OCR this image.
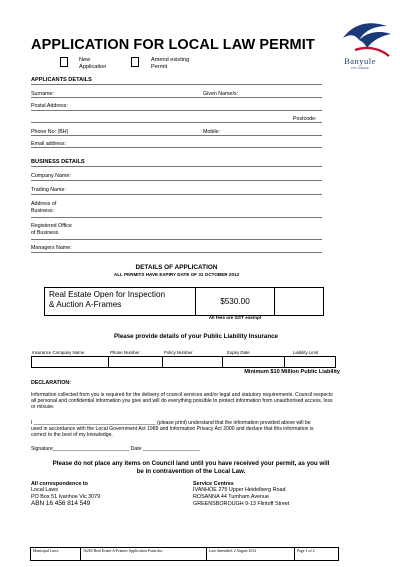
APPLICATION FOR LOCAL LAW PERMIT
Banyule
CITY COUNCIL
New
Application
Amend existing
Permit
APPLICANTS DETAILS
Surname:	Given Name/s:
Postal Address:
Postcode:
Phone No: (BH)	Mobile:
Email address:
BUSINESS DETAILS
Company Name:
Trading Name:
Address of
Business:
Registered Office
of Business
Managers Name:
DETAILS OF APPLICATION
ALL PERMITS HAVE EXPIRY DATE OF 31 OCTOBER 2012
Real Estate Open for Inspection
& Auction A-Frames	$530.00
All fees are GST exempt
Please provide details of your Public Liability Insurance
Insurance Company Name	Phone Number	Policy Number	Expiry Date	Liability Limit
Minimum $10 Million Public Liability
DECLARATION:
Information collected from you is required for the delivery of council services and/or legal and statutory requirements. Council respects all personal and confidential information you give and will do everything possible to protect information from unauthorised access, loss or misuse.
I ___________________________________________ (please print) understand that the information provided above will be
used in accordance with the Local Government Act 1989 and Information Privacy Act 2000 and declare that this information is
correct to the best of my knowledge.
Signature___________________________ Date ____________________
Please do not place any items on Council land until you have received your permit, as you will
be in contravention of the Local Law.
All correspondence to
Local Laws
PO Box 51 Ivanhoe Vic 3079
ABN 16 456 814 549
Service Centres
IVANHOE 275 Upper Heidelberg Road
ROSANNA 44 Turnham Avenue
GREENSBOROUGH 9-13 Flintoff Street
Municipal Laws	16265 Real Estate A-Frames Application Form.doc	Last Amended: 2 August 2012	Page 1 of 2
